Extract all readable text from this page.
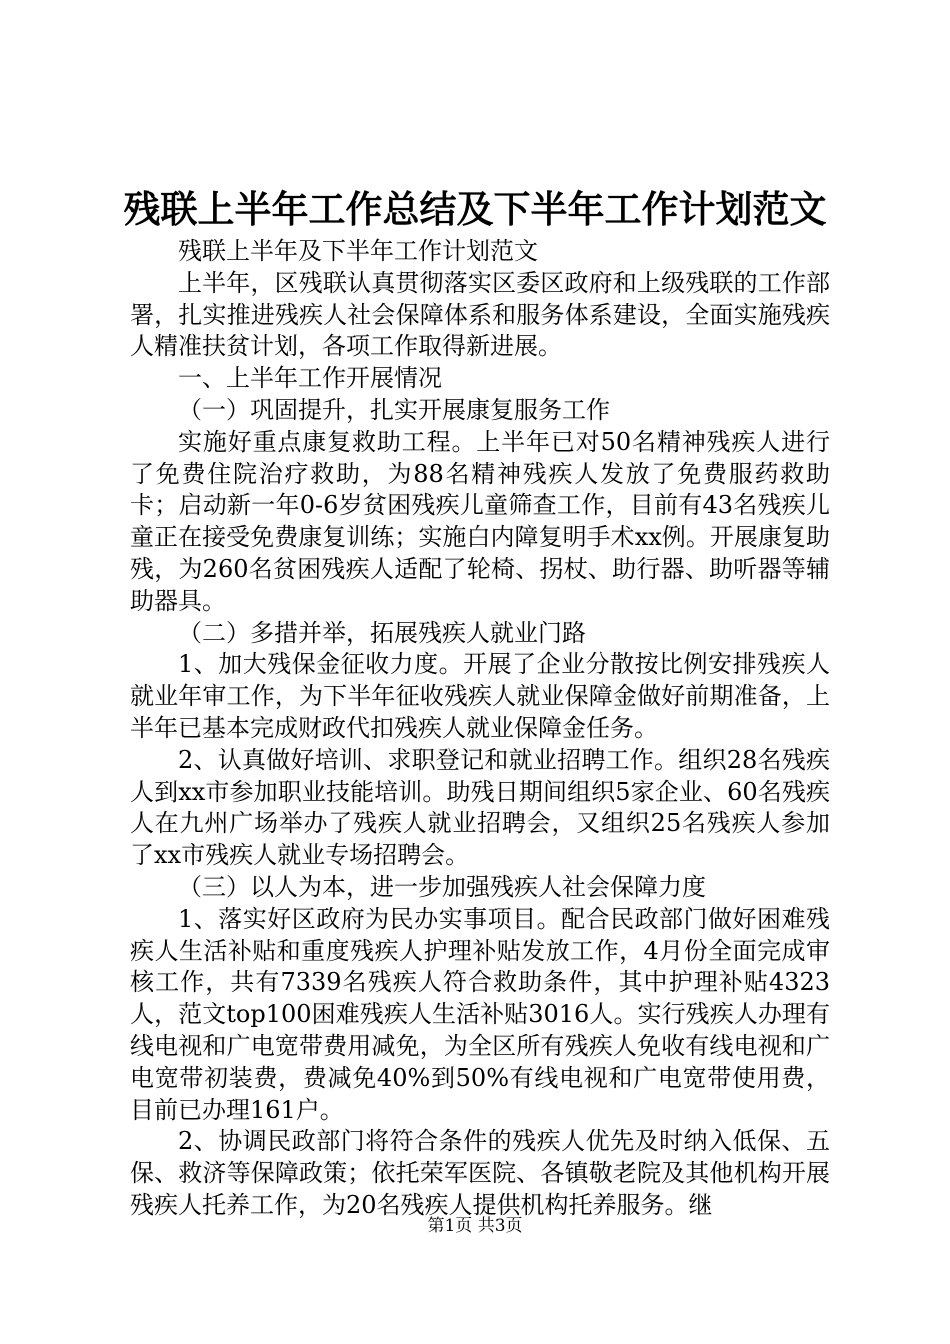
残联上半年工作总结及下半年工作计划范文

残联上半年及下半年工作计划范文

上半年，区残联认真贯彻落实区委区政府和上级残联的工作部署，扎实推进残疾人社会保障体系和服务体系建设，全面实施残疾人精准扶贫计划，各项工作取得新进展。

一、上半年工作开展情况

（一）巩固提升，扎实开展康复服务工作

实施好重点康复救助工程。上半年已对50名精神残疾人进行了免费住院治疗救助，为88名精神残疾人发放了免费服药救助卡；启动新一年0-6岁贫困残疾儿童筛查工作，目前有43名残疾儿童正在接受免费康复训练；实施白内障复明手术xx例。开展康复助残，为260名贫困残疾人适配了轮椅、拐杖、助行器、助听器等辅助器具。

（二）多措并举，拓展残疾人就业门路

1、加大残保金征收力度。开展了企业分散按比例安排残疾人就业年审工作，为下半年征收残疾人就业保障金做好前期准备，上半年已基本完成财政代扣残疾人就业保障金任务。

2、认真做好培训、求职登记和就业招聘工作。组织28名残疾人到xx市参加职业技能培训。助残日期间组织5家企业、60名残疾人在九州广场举办了残疾人就业招聘会，又组织25名残疾人参加了xx市残疾人就业专场招聘会。

（三）以人为本，进一步加强残疾人社会保障力度

1、落实好区政府为民办实事项目。配合民政部门做好困难残疾人生活补贴和重度残疾人护理补贴发放工作，4月份全面完成审核工作，共有7339名残疾人符合救助条件，其中护理补贴4323人，范文top100困难残疾人生活补贴3016人。实行残疾人办理有线电视和广电宽带费用减免，为全区所有残疾人免收有线电视和广电宽带初装费，费减免40%到50%有线电视和广电宽带使用费，目前已办理161户。

2、协调民政部门将符合条件的残疾人优先及时纳入低保、五保、救济等保障政策；依托荣军医院、各镇敬老院及其他机构开展残疾人托养工作，为20名残疾人提供机构托养服务。继

第1页 共3页
